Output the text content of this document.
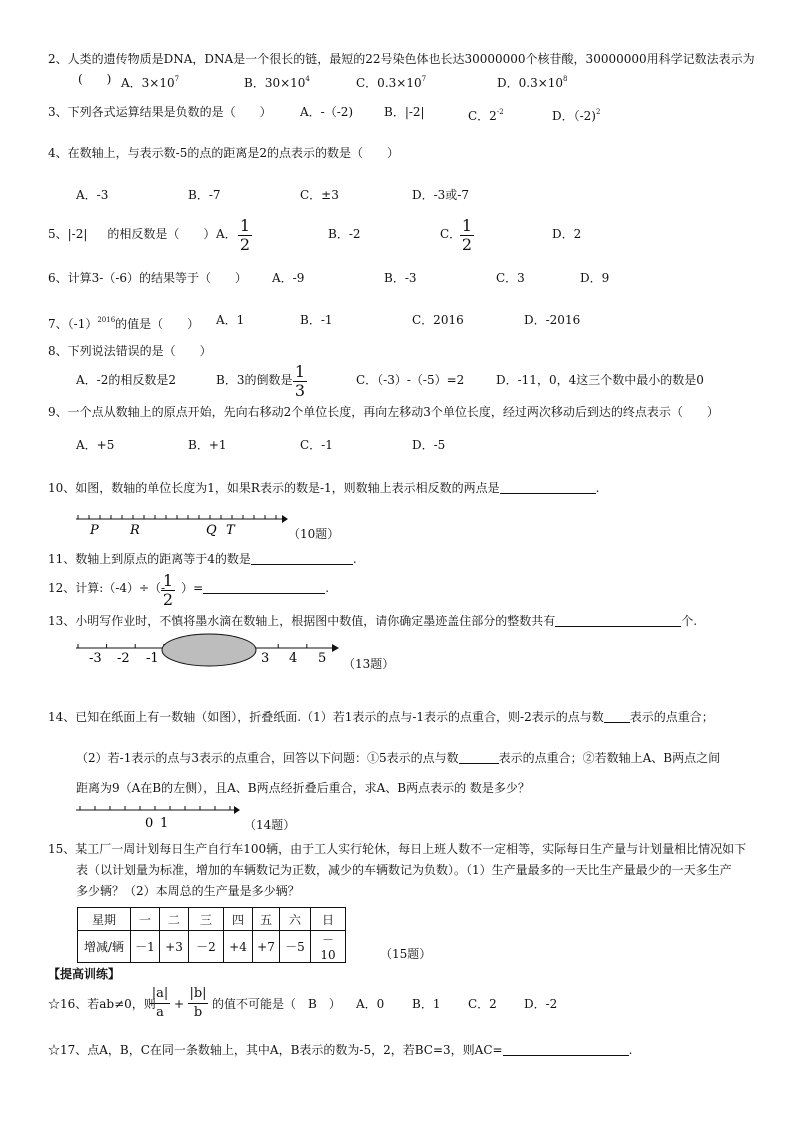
2、人类的遗传物质是DNA，DNA是一个很长的链，最短的22号染色体也长达30000000个核苷酸，30000000用科学记数法表示为
(　　) A．$3\times 10^7$	B．$30\times 10^4$	C．$0.3\times 10^7$	D．$0.3\times 10^8$
3、下列各式运算结果是负数的是（　　） A．-（-2)	B．|-2|	C．$2^{-2}$	D．（-2)$^2$
4、在数轴上，与表示数-5的点的距离是2的点表示的数是（　　）
A．-3	B．-7	C．±3	D．-3或-7
5、|-2| 的相反数是（　　） A． 1
2
B．-2	C． 1
2
D．2
6、计算3-（-6）的结果等于（　　） A．-9	B．-3	C．3	D．9
7、$(-1)^{2016}$的值是（　　） A．1	B．-1	C．2016	D．-2016
8、下列说法错误的是（　　）
A．-2的相反数是2	B．3的倒数是 1
3
C．（-3）-（-5）=2	D．-11，0，4这三个数中最小的数是0
9、一个点从数轴上的原点开始，先向右移动2个单位长度，再向左移动3个单位长度，经过两次移动后到达的终点表示（　　）
A．+5	B．+1	C．-1	D．-5
10、如图，数轴的单位长度为1，如果R表示的数是-1，则数轴上表示相反数的两点是	.
P R	Q T	（10题）
11、数轴上到原点的距离等于4的数是	.
12、计算:（-4）÷（- ）=	.
1
2
13、小明写作业时，不慎将墨水滴在数轴上，根据图中数值，请你确定墨迹盖住部分的整数共有	个.
-3 -2 -1	3 4 5 （13题）
14、已知在纸面上有一数轴（如图），折叠纸面.（1）若1表示的点与-1表示的点重合，则-2表示的点与数 表示的点重合；
（2）若-1表示的点与3表示的点重合，回答以下问题：①5表示的点与数	表示的点重合；②若数轴上A、B两点之间
距离为9（A在B的左侧），且A、B两点经折叠后重合，求A、B两点表示的 数是多少？
0 1	（14题）
15、某工厂一周计划每日生产自行车100辆，由于工人实行轮休，每日上班人数不一定相等，实际每日生产量与计划量相比情况如下
表（以计划量为标准，增加的车辆数记为正数，减少的车辆数记为负数）。（1）生产量最多的一天比生产量最少的一天多生产
多少辆？（2）本周总的生产量是多少辆？
星期	一	二	三	四	五	六	日
增减/辆	－1	+3	－2	+4	+7	－5	－10	（15题）
【提高训练】
☆16、若ab≠0，则
|a|
a
+
|b|
b
的值不可能是（　B　） A．0 B．1 C．2 D．-2
☆17、点A，B，C在同一条数轴上，其中A，B表示的数为-5，2，若BC=3，则AC=	.
